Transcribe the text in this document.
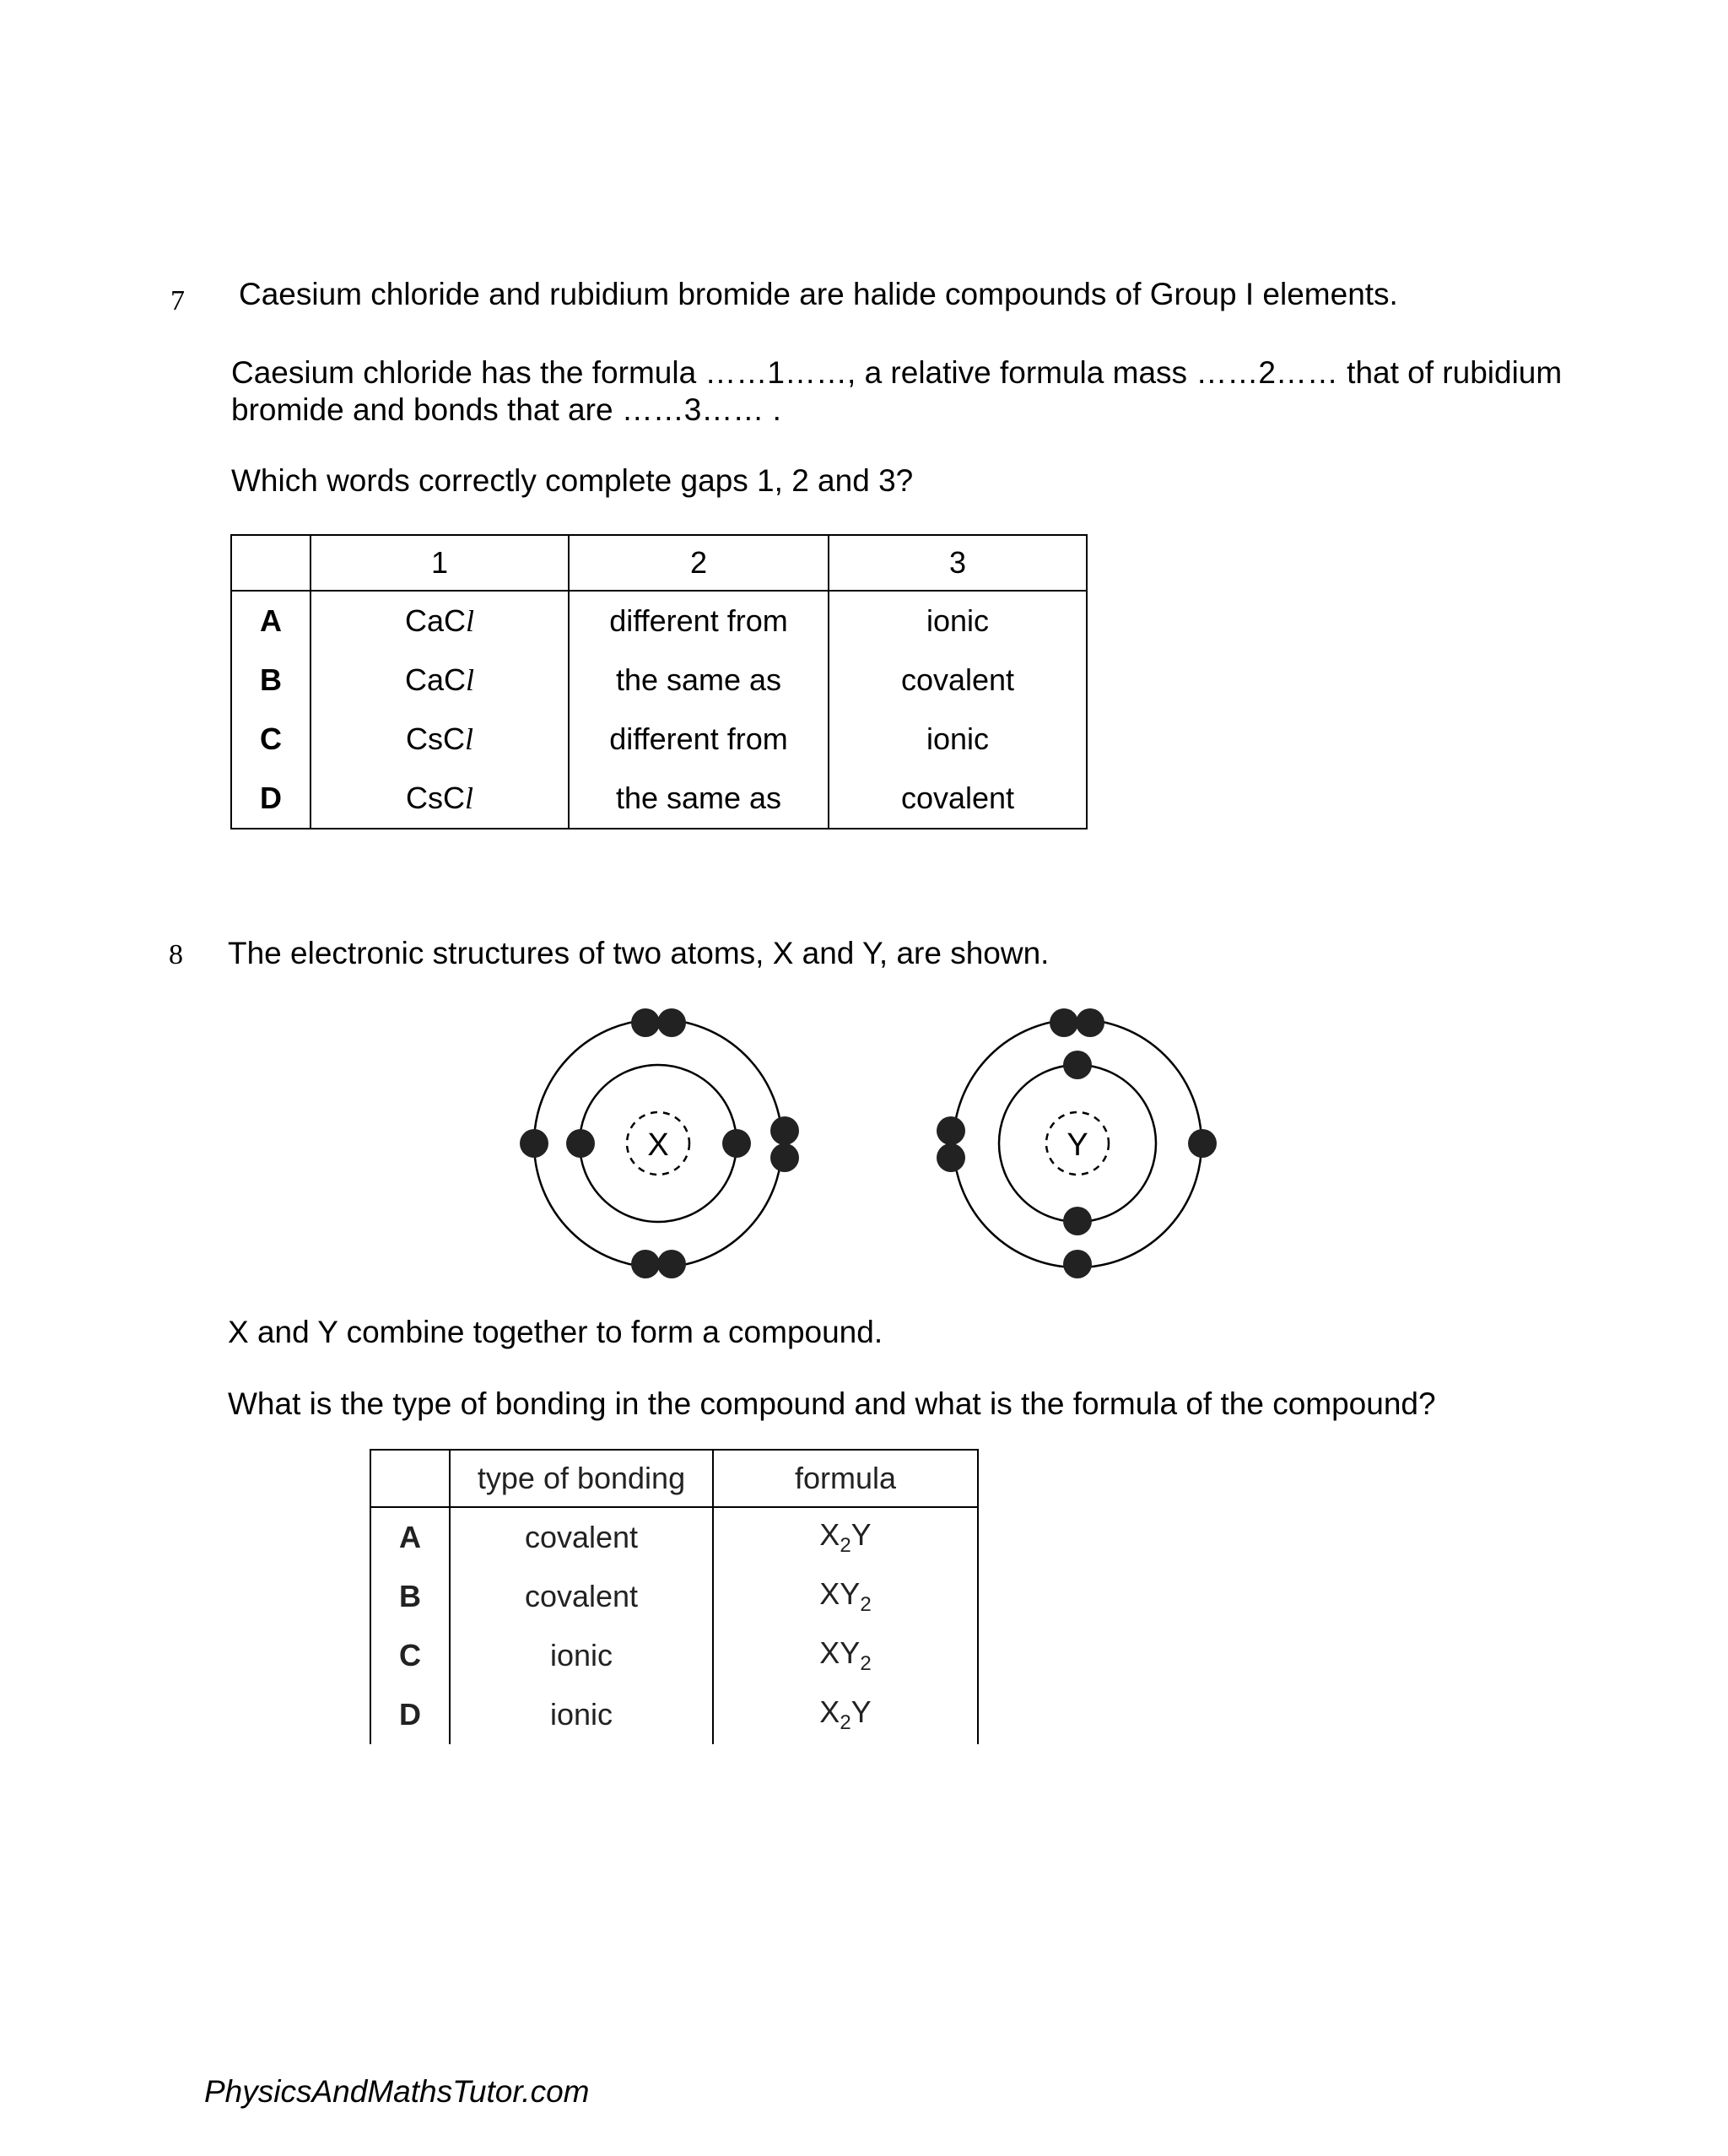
7 Caesium chloride and rubidium bromide are halide compounds of Group I elements.
Caesium chloride has the formula ……1……, a relative formula mass ……2…… that of rubidium
bromide and bonds that are ……3…… .
Which words correctly complete gaps 1, 2 and 3?
	1	2	3
A	CaCl	different from	ionic
B	CaCl	the same as	covalent
C	CsCl	different from	ionic
D	CsCl	the same as	covalent
8 The electronic structures of two atoms, X and Y, are shown.
X	Y
X and Y combine together to form a compound.
What is the type of bonding in the compound and what is the formula of the compound?
	type of bonding	formula
A	covalent	$X_2Y$
B	covalent	$XY_2$
C	ionic	$XY_2$
D	ionic	$X_2Y$
PhysicsAndMathsTutor.com
